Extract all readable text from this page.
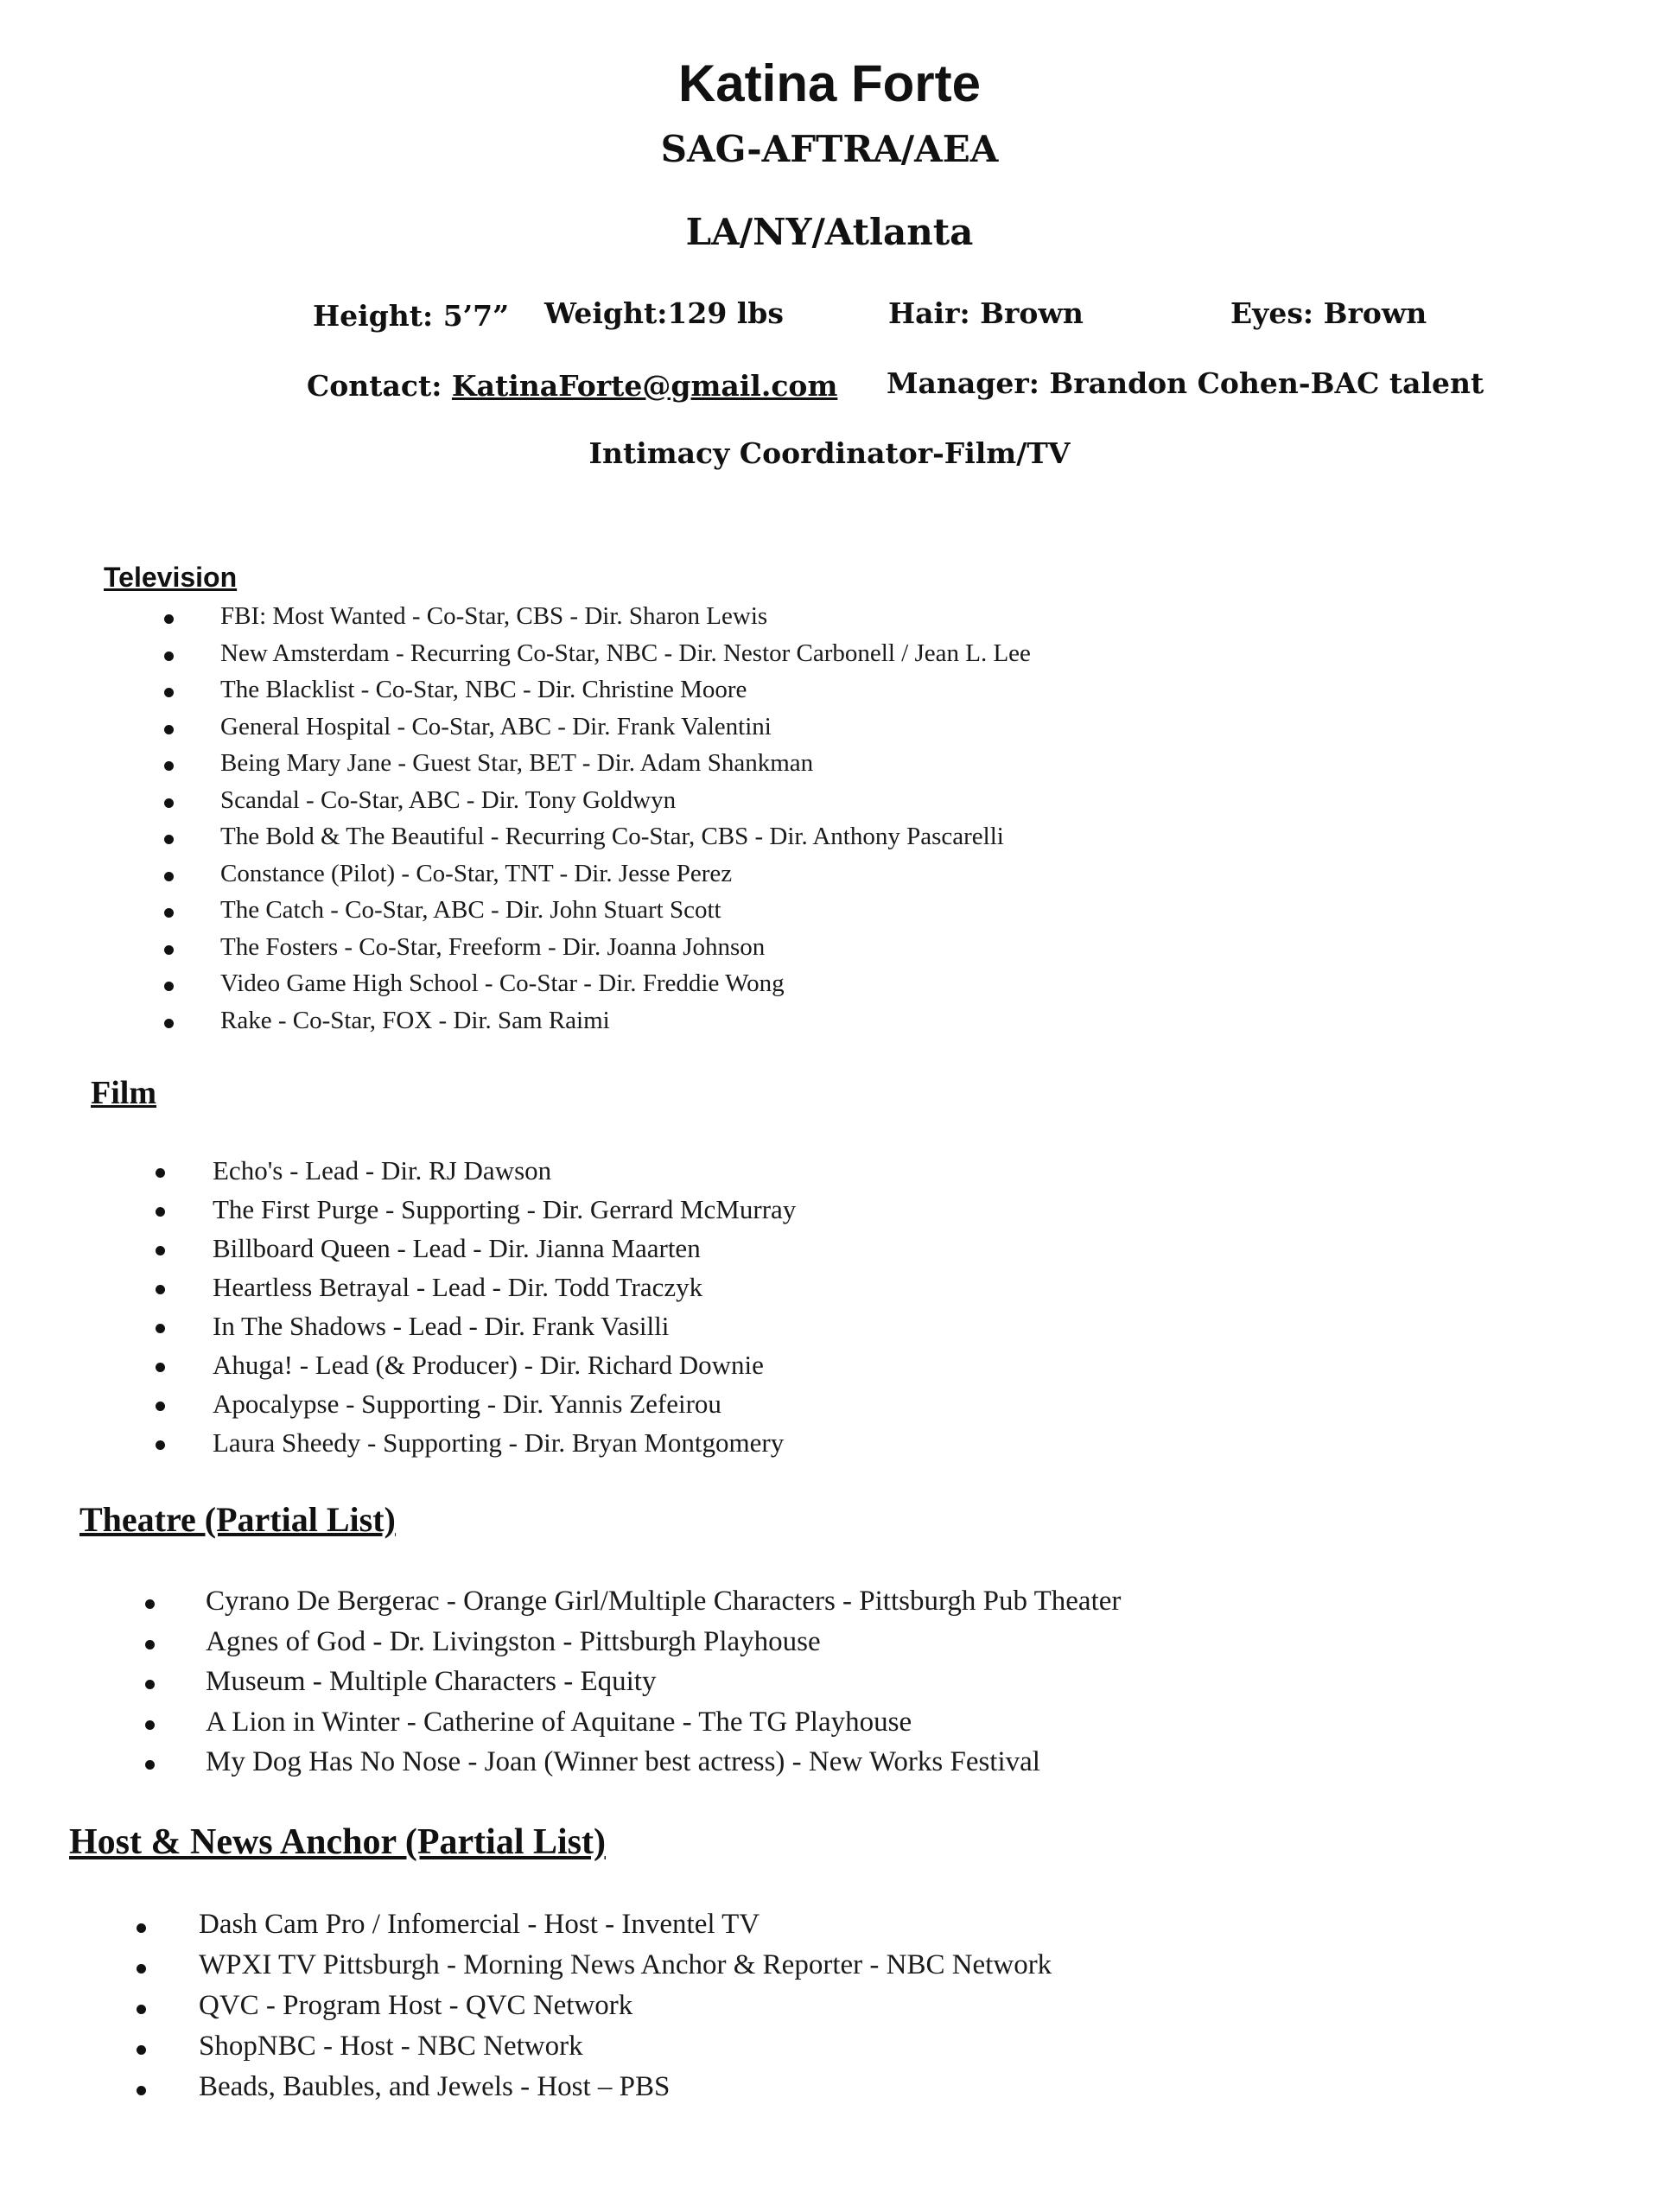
Katina Forte
SAG-AFTRA/AEA
LA/NY/Atlanta
Height: 5’7” Weight:129 lbs	Hair: Brown	Eyes: Brown
Contact: KatinaForte@gmail.com Manager: Brandon Cohen-BAC talent
Intimacy Coordinator-Film/TV
Television
FBI: Most Wanted - Co-Star, CBS - Dir. Sharon Lewis
New Amsterdam - Recurring Co-Star, NBC - Dir. Nestor Carbonell / Jean L. Lee
The Blacklist - Co-Star, NBC - Dir. Christine Moore
General Hospital - Co-Star, ABC - Dir. Frank Valentini
Being Mary Jane - Guest Star, BET - Dir. Adam Shankman
Scandal - Co-Star, ABC - Dir. Tony Goldwyn
The Bold & The Beautiful - Recurring Co-Star, CBS - Dir. Anthony Pascarelli
Constance (Pilot) - Co-Star, TNT - Dir. Jesse Perez
The Catch - Co-Star, ABC - Dir. John Stuart Scott
The Fosters - Co-Star, Freeform - Dir. Joanna Johnson
Video Game High School - Co-Star - Dir. Freddie Wong
Rake - Co-Star, FOX - Dir. Sam Raimi
Film
Echo's - Lead - Dir. RJ Dawson
The First Purge - Supporting - Dir. Gerrard McMurray
Billboard Queen - Lead - Dir. Jianna Maarten
Heartless Betrayal - Lead - Dir. Todd Traczyk
In The Shadows - Lead - Dir. Frank Vasilli
Ahuga! - Lead (& Producer) - Dir. Richard Downie
Apocalypse - Supporting - Dir. Yannis Zefeirou
Laura Sheedy - Supporting - Dir. Bryan Montgomery
Theatre (Partial List)
Cyrano De Bergerac - Orange Girl/Multiple Characters - Pittsburgh Pub Theater
Agnes of God - Dr. Livingston - Pittsburgh Playhouse
Museum - Multiple Characters - Equity
A Lion in Winter - Catherine of Aquitane - The TG Playhouse
My Dog Has No Nose - Joan (Winner best actress) - New Works Festival
Host & News Anchor (Partial List)
Dash Cam Pro / Infomercial - Host - Inventel TV
WPXI TV Pittsburgh - Morning News Anchor & Reporter - NBC Network
QVC - Program Host - QVC Network
ShopNBC - Host - NBC Network
Beads, Baubles, and Jewels - Host – PBS
